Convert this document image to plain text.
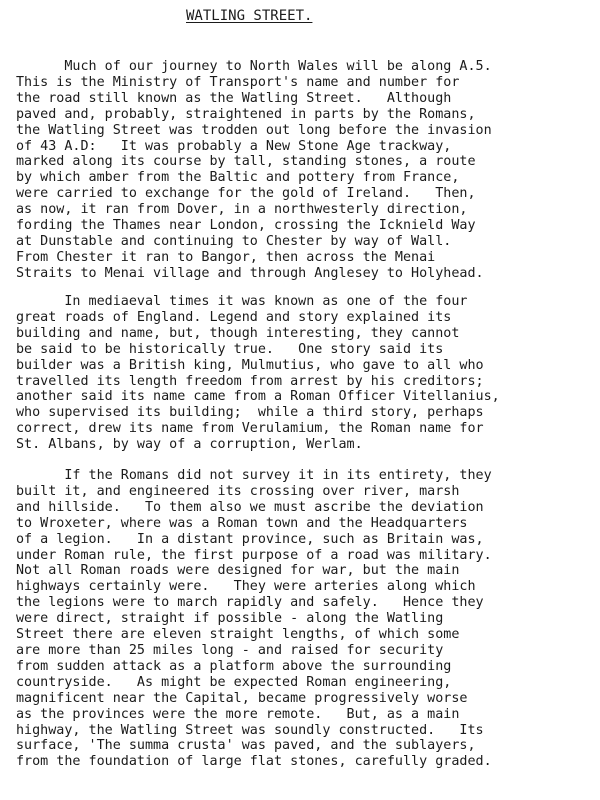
WATLING STREET.
Much of our journey to North Wales will be along A.5.
This is the Ministry of Transport's name and number for
the road still known as the Watling Street.   Although
paved and, probably, straightened in parts by the Romans,
the Watling Street was trodden out long before the invasion
of 43 A.D:   It was probably a New Stone Age trackway,
marked along its course by tall, standing stones, a route
by which amber from the Baltic and pottery from France,
were carried to exchange for the gold of Ireland.   Then,
as now, it ran from Dover, in a northwesterly direction,
fording the Thames near London, crossing the Icknield Way
at Dunstable and continuing to Chester by way of Wall.
From Chester it ran to Bangor, then across the Menai
Straits to Menai village and through Anglesey to Holyhead.
In mediaeval times it was known as one of the four
great roads of England. Legend and story explained its
building and name, but, though interesting, they cannot
be said to be historically true.   One story said its
builder was a British king, Mulmutius, who gave to all who
travelled its length freedom from arrest by his creditors;
another said its name came from a Roman Officer Vitellanius,
who supervised its building;  while a third story, perhaps
correct, drew its name from Verulamium, the Roman name for
St. Albans, by way of a corruption, Werlam.
If the Romans did not survey it in its entirety, they
built it, and engineered its crossing over river, marsh
and hillside.   To them also we must ascribe the deviation
to Wroxeter, where was a Roman town and the Headquarters
of a legion.   In a distant province, such as Britain was,
under Roman rule, the first purpose of a road was military.
Not all Roman roads were designed for war, but the main
highways certainly were.   They were arteries along which
the legions were to march rapidly and safely.   Hence they
were direct, straight if possible - along the Watling
Street there are eleven straight lengths, of which some
are more than 25 miles long - and raised for security
from sudden attack as a platform above the surrounding
countryside.   As might be expected Roman engineering,
magnificent near the Capital, became progressively worse
as the provinces were the more remote.   But, as a main
highway, the Watling Street was soundly constructed.   Its
surface, 'The summa crusta' was paved, and the sublayers,
from the foundation of large flat stones, carefully graded.
